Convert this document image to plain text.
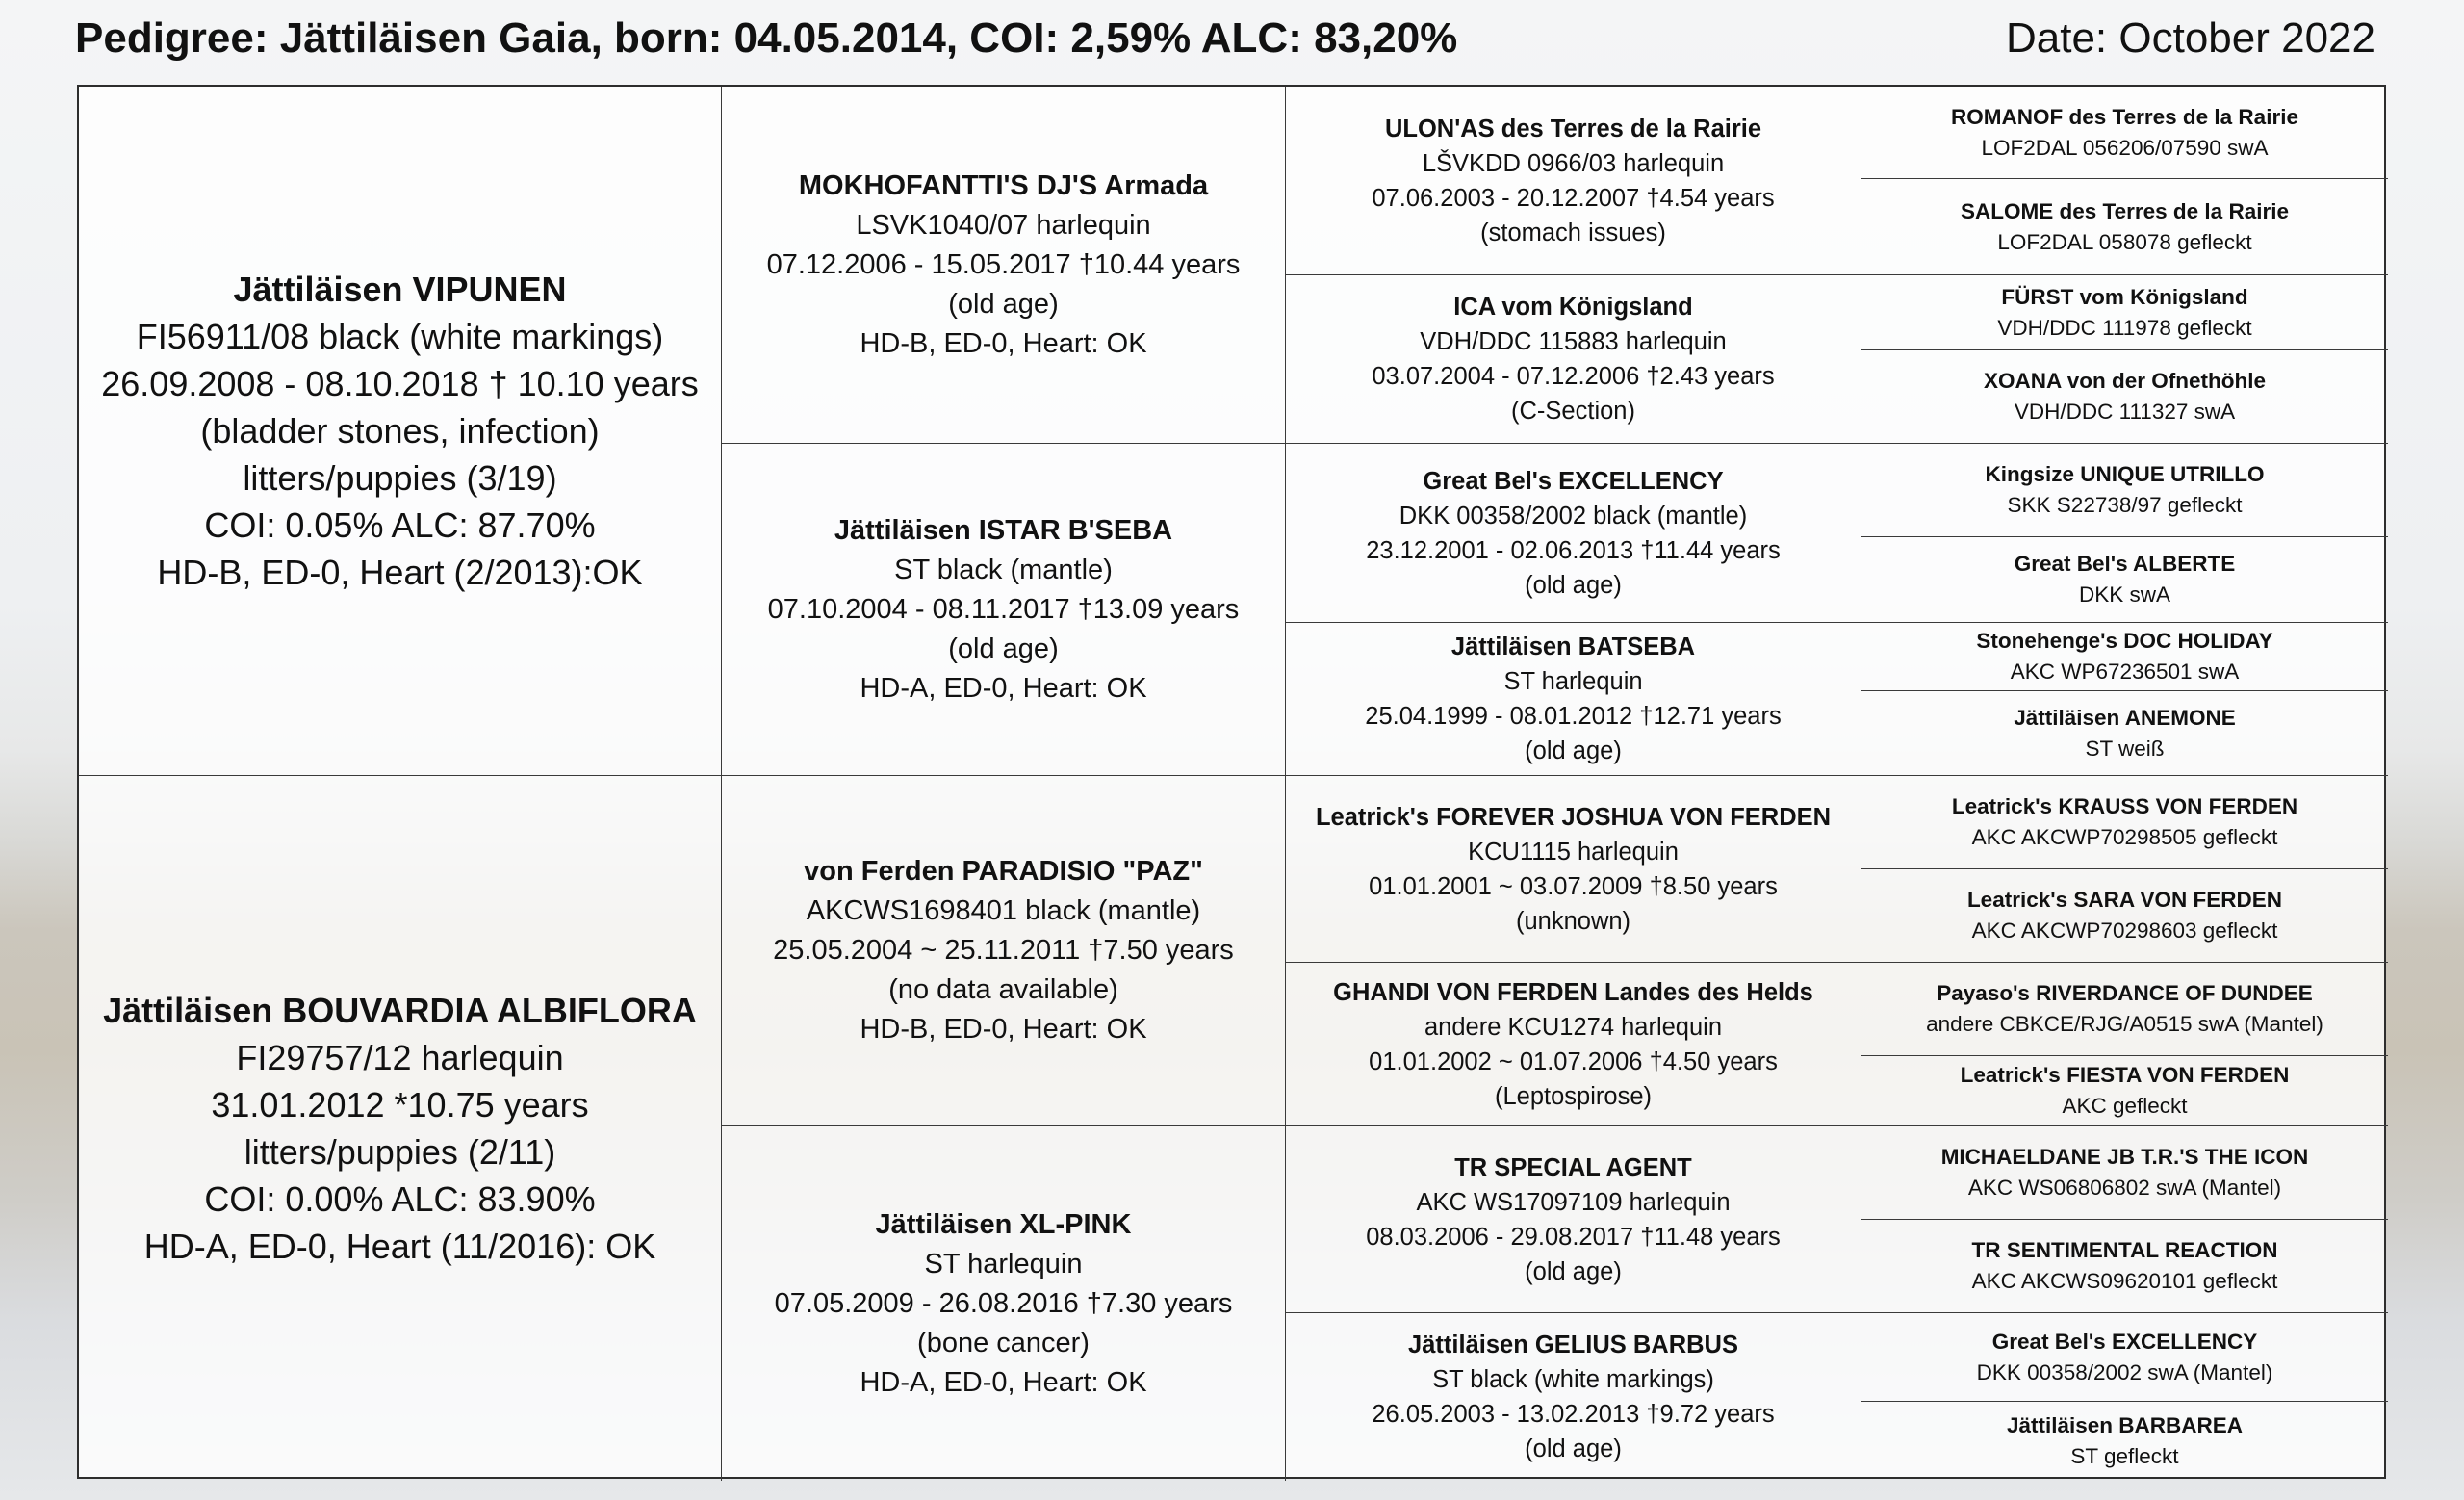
Pedigree: Jättiläisen Gaia, born: 04.05.2014, COI: 2,59% ALC: 83,20%	Date: October 2022
Jättiläisen VIPUNEN
FI56911/08 black (white markings)
26.09.2008 - 08.10.2018 † 10.10 years
(bladder stones, infection)
litters/puppies (3/19)
COI: 0.05% ALC: 87.70%
HD-B, ED-0, Heart (2/2013):OK
Jättiläisen BOUVARDIA ALBIFLORA
FI29757/12 harlequin
31.01.2012 *10.75 years
litters/puppies (2/11)
COI: 0.00% ALC: 83.90%
HD-A, ED-0, Heart (11/2016): OK
MOKHOFANTTI'S DJ'S Armada
LSVK1040/07 harlequin
07.12.2006 - 15.05.2017 †10.44 years
(old age)
HD-B, ED-0, Heart: OK
Jättiläisen ISTAR B'SEBA
ST black (mantle)
07.10.2004 - 08.11.2017 †13.09 years
(old age)
HD-A, ED-0, Heart: OK
von Ferden PARADISIO "PAZ"
AKCWS1698401 black (mantle)
25.05.2004 ~ 25.11.2011 †7.50 years
(no data available)
HD-B, ED-0, Heart: OK
Jättiläisen XL-PINK
ST harlequin
07.05.2009 - 26.08.2016 †7.30 years
(bone cancer)
HD-A, ED-0, Heart: OK
ULON'AS des Terres de la Rairie
LŠVKDD 0966/03 harlequin
07.06.2003 - 20.12.2007 †4.54 years
(stomach issues)
ICA vom Königsland
VDH/DDC 115883 harlequin
03.07.2004 - 07.12.2006 †2.43 years
(C-Section)
Great Bel's EXCELLENCY
DKK 00358/2002 black (mantle)
23.12.2001 - 02.06.2013 †11.44 years
(old age)
Jättiläisen BATSEBA
ST harlequin
25.04.1999 - 08.01.2012 †12.71 years
(old age)
Leatrick's FOREVER JOSHUA VON FERDEN
KCU1115 harlequin
01.01.2001 ~ 03.07.2009 †8.50 years
(unknown)
GHANDI VON FERDEN Landes des Helds
andere KCU1274 harlequin
01.01.2002 ~ 01.07.2006 †4.50 years
(Leptospirose)
TR SPECIAL AGENT
AKC WS17097109 harlequin
08.03.2006 - 29.08.2017 †11.48 years
(old age)
Jättiläisen GELIUS BARBUS
ST black (white markings)
26.05.2003 - 13.02.2013 †9.72 years
(old age)
ROMANOF des Terres de la Rairie
LOF2DAL 056206/07590 swA
SALOME des Terres de la Rairie
LOF2DAL 058078 gefleckt
FÜRST vom Königsland
VDH/DDC 111978 gefleckt
XOANA von der Ofnethöhle
VDH/DDC 111327 swA
Kingsize UNIQUE UTRILLO
SKK S22738/97 gefleckt
Great Bel's ALBERTE
DKK swA
Stonehenge's DOC HOLIDAY
AKC WP67236501 swA
Jättiläisen ANEMONE
ST weiß
Leatrick's KRAUSS VON FERDEN
AKC AKCWP70298505 gefleckt
Leatrick's SARA VON FERDEN
AKC AKCWP70298603 gefleckt
Payaso's RIVERDANCE OF DUNDEE
andere CBKCE/RJG/A0515 swA (Mantel)
Leatrick's FIESTA VON FERDEN
AKC gefleckt
MICHAELDANE JB T.R.'S THE ICON
AKC WS06806802 swA (Mantel)
TR SENTIMENTAL REACTION
AKC AKCWS09620101 gefleckt
Great Bel's EXCELLENCY
DKK 00358/2002 swA (Mantel)
Jättiläisen BARBAREA
ST gefleckt
